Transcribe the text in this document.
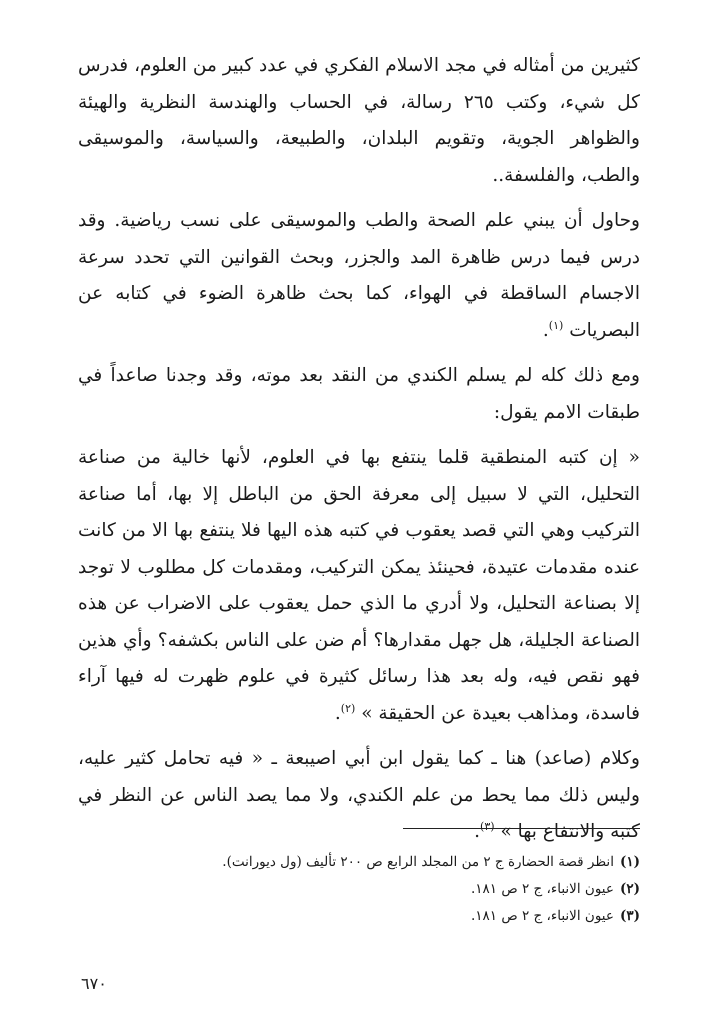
كثيرين من أمثاله في مجد الاسلام الفكري في عدد كبير من العلوم، فدرس كل شيء، وكتب ٢٦٥ رسالة، في الحساب والهندسة النظرية والهيئة والظواهر الجوية، وتقويم البلدان، والطبيعة، والسياسة، والموسيقى والطب، والفلسفة..

وحاول أن يبني علم الصحة والطب والموسيقى على نسب رياضية. وقد درس فيما درس ظاهرة المد والجزر، وبحث القوانين التي تحدد سرعة الاجسام الساقطة في الهواء، كما بحث ظاهرة الضوء في كتابه عن البصريات $^{(١)}$.

ومع ذلك كله لم يسلم الكندي من النقد بعد موته، وقد وجدنا صاعداً في طبقات الامم يقول:

« إن كتبه المنطقية قلما ينتفع بها في العلوم، لأنها خالية من صناعة التحليل، التي لا سبيل إلى معرفة الحق من الباطل إلا بها، أما صناعة التركيب وهي التي قصد يعقوب في كتبه هذه اليها فلا ينتفع بها الا من كانت عنده مقدمات عتيدة، فحينئذ يمكن التركيب، ومقدمات كل مطلوب لا توجد إلا بصناعة التحليل، ولا أدري ما الذي حمل يعقوب على الاضراب عن هذه الصناعة الجليلة، هل جهل مقدارها؟ أم ضن على الناس بكشفه؟ وأي هذين فهو نقص فيه، وله بعد هذا رسائل كثيرة في علوم ظهرت له فيها آراء فاسدة، ومذاهب بعيدة عن الحقيقة » $^{(٢)}$.

وكلام (صاعد) هنا ـ كما يقول ابن أبي اصيبعة ـ « فيه تحامل كثير عليه، وليس ذلك مما يحط من علم الكندي، ولا مما يصد الناس عن النظر في كتبه والانتفاع بها » $^{(٣)}$.

(١)انظر قصة الحضارة ج ٢ من المجلد الرابع ص ٢٠٠ تأليف (ول ديورانت).
(٢)عيون الانباء، ج ٢ ص ١٨١.
(٣)عيون الانباء، ج ٢ ص ١٨١.
٦٧٠
